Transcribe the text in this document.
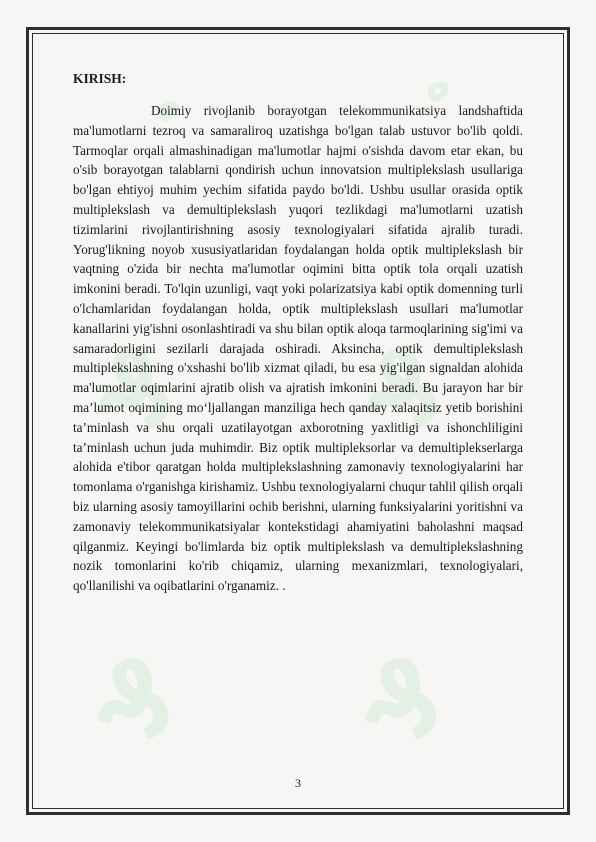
ﻩ	ﻩ
₰ ₰
₰ ₰
KIRISH:

Doimiy rivojlanib borayotgan telekommunikatsiya landshaftida ma'lumotlarni tezroq va samaraliroq uzatishga bo'lgan talab ustuvor bo'lib qoldi. Tarmoqlar orqali almashinadigan ma'lumotlar hajmi o'sishda davom etar ekan, bu o'sib borayotgan talablarni qondirish uchun innovatsion multiplekslash usullariga bo'lgan ehtiyoj muhim yechim sifatida paydo bo'ldi. Ushbu usullar orasida optik multiplekslash va demultiplekslash yuqori tezlikdagi ma'lumotlarni uzatish tizimlarini rivojlantirishning asosiy texnologiyalari sifatida ajralib turadi. Yorug'likning noyob xususiyatlaridan foydalangan holda optik multiplekslash bir vaqtning o'zida bir nechta ma'lumotlar oqimini bitta optik tola orqali uzatish imkonini beradi. To'lqin uzunligi, vaqt yoki polarizatsiya kabi optik domenning turli o'lchamlaridan foydalangan holda, optik multiplekslash usullari ma'lumotlar kanallarini yig'ishni osonlashtiradi va shu bilan optik aloqa tarmoqlarining sig'imi va samaradorligini sezilarli darajada oshiradi. Aksincha, optik demultiplekslash multiplekslashning o'xshashi bo'lib xizmat qiladi, bu esa yig'ilgan signaldan alohida ma'lumotlar oqimlarini ajratib olish va ajratish imkonini beradi. Bu jarayon har bir ma’lumot oqimining mo‘ljallangan manziliga hech qanday xalaqitsiz yetib borishini ta’minlash va shu orqali uzatilayotgan axborotning yaxlitligi va ishonchliligini ta’minlash uchun juda muhimdir. Biz optik multipleksorlar va demultiplekserlarga alohida e'tibor qaratgan holda multiplekslashning zamonaviy texnologiyalarini har tomonlama o'rganishga kirishamiz. Ushbu texnologiyalarni chuqur tahlil qilish orqali biz ularning asosiy tamoyillarini ochib berishni, ularning funksiyalarini yoritishni va zamonaviy telekommunikatsiyalar kontekstidagi ahamiyatini baholashni maqsad qilganmiz. Keyingi bo'limlarda biz optik multiplekslash va demultiplekslashning nozik tomonlarini ko'rib chiqamiz, ularning mexanizmlari, texnologiyalari, qo'llanilishi va oqibatlarini o'rganamiz. .

3
